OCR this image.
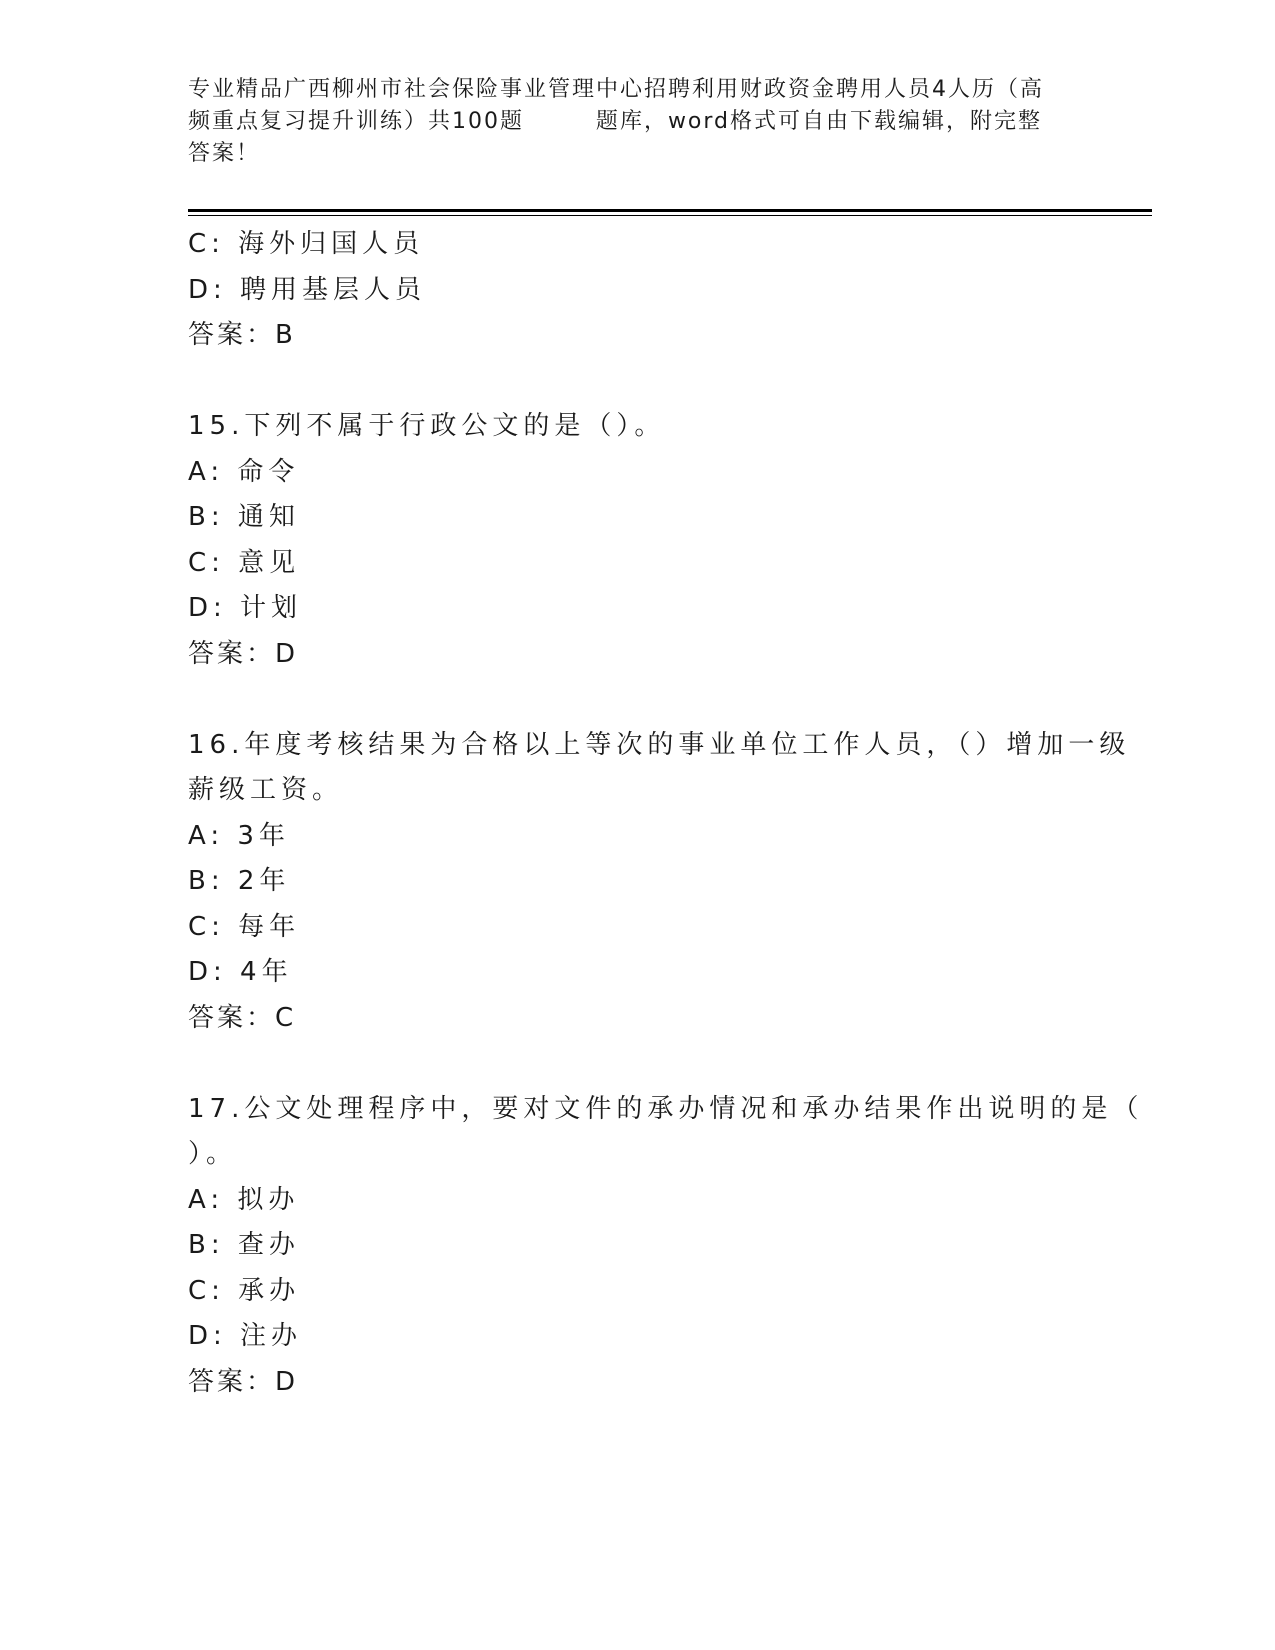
专业精品广西柳州市社会保险事业管理中心招聘利用财政资金聘用人员4人历（高
频重点复习提升训练）共100题        题库，word格式可自由下载编辑，附完整
答案！
C: 海外归国人员
D: 聘用基层人员
答案：B
15.下列不属于行政公文的是（）。
A: 命令
B: 通知
C: 意见
D: 计划
答案：D
16.年度考核结果为合格以上等次的事业单位工作人员，（）增加一级
薪级工资。
A: 3年
B: 2年
C: 每年
D: 4年
答案：C
17.公文处理程序中，要对文件的承办情况和承办结果作出说明的是（
）。
A: 拟办
B: 查办
C: 承办
D: 注办
答案：D
